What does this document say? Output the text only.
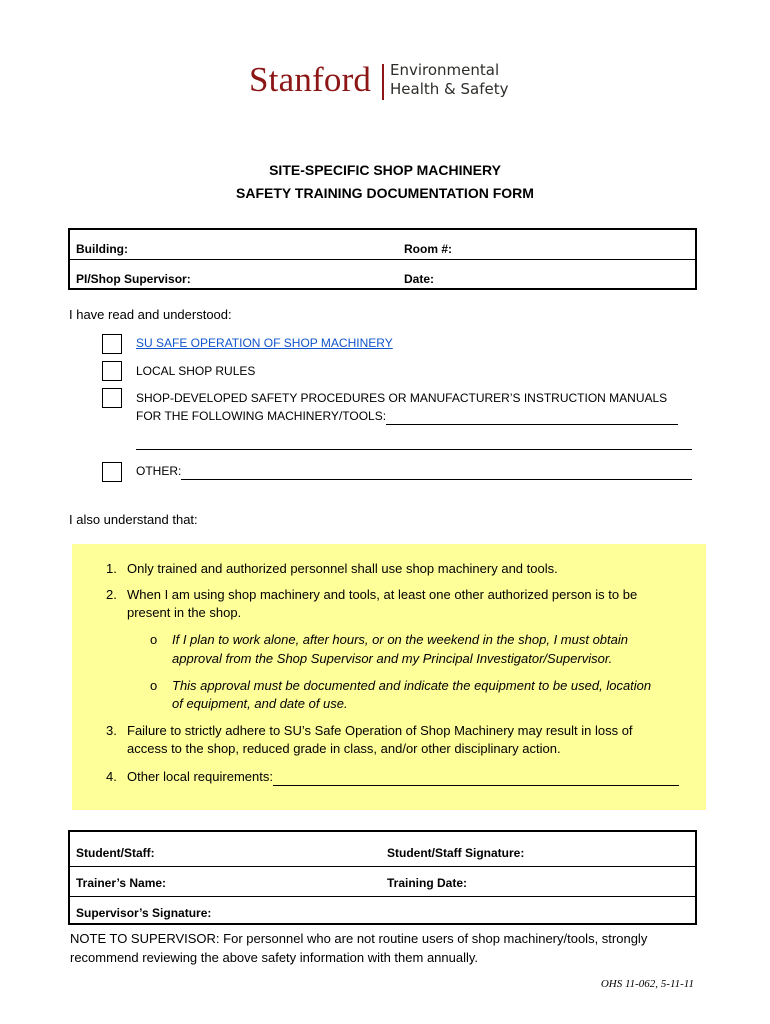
Stanford Environmental
Health & Safety
SITE-SPECIFIC SHOP MACHINERY
SAFETY TRAINING DOCUMENTATION FORM
Building:	Room #:
PI/Shop Supervisor:	Date:
I have read and understood:
SU SAFE OPERATION OF SHOP MACHINERY
LOCAL SHOP RULES
SHOP-DEVELOPED SAFETY PROCEDURES OR MANUFACTURER’S INSTRUCTION MANUALS
FOR THE FOLLOWING MACHINERY/TOOLS:
OTHER:
I also understand that:
1. Only trained and authorized personnel shall use shop machinery and tools.
2. When I am using shop machinery and tools, at least one other authorized person is to be
present in the shop.
o If I plan to work alone, after hours, or on the weekend in the shop, I must obtain
approval from the Shop Supervisor and my Principal Investigator/Supervisor.
o This approval must be documented and indicate the equipment to be used, location
of equipment, and date of use.
3. Failure to strictly adhere to SU’s Safe Operation of Shop Machinery may result in loss of
access to the shop, reduced grade in class, and/or other disciplinary action.
4. Other local requirements:
Student/Staff:	Student/Staff Signature:
Trainer’s Name:	Training Date:
Supervisor’s Signature:
NOTE TO SUPERVISOR: For personnel who are not routine users of shop machinery/tools, strongly
recommend reviewing the above safety information with them annually.
OHS 11-062, 5-11-11
